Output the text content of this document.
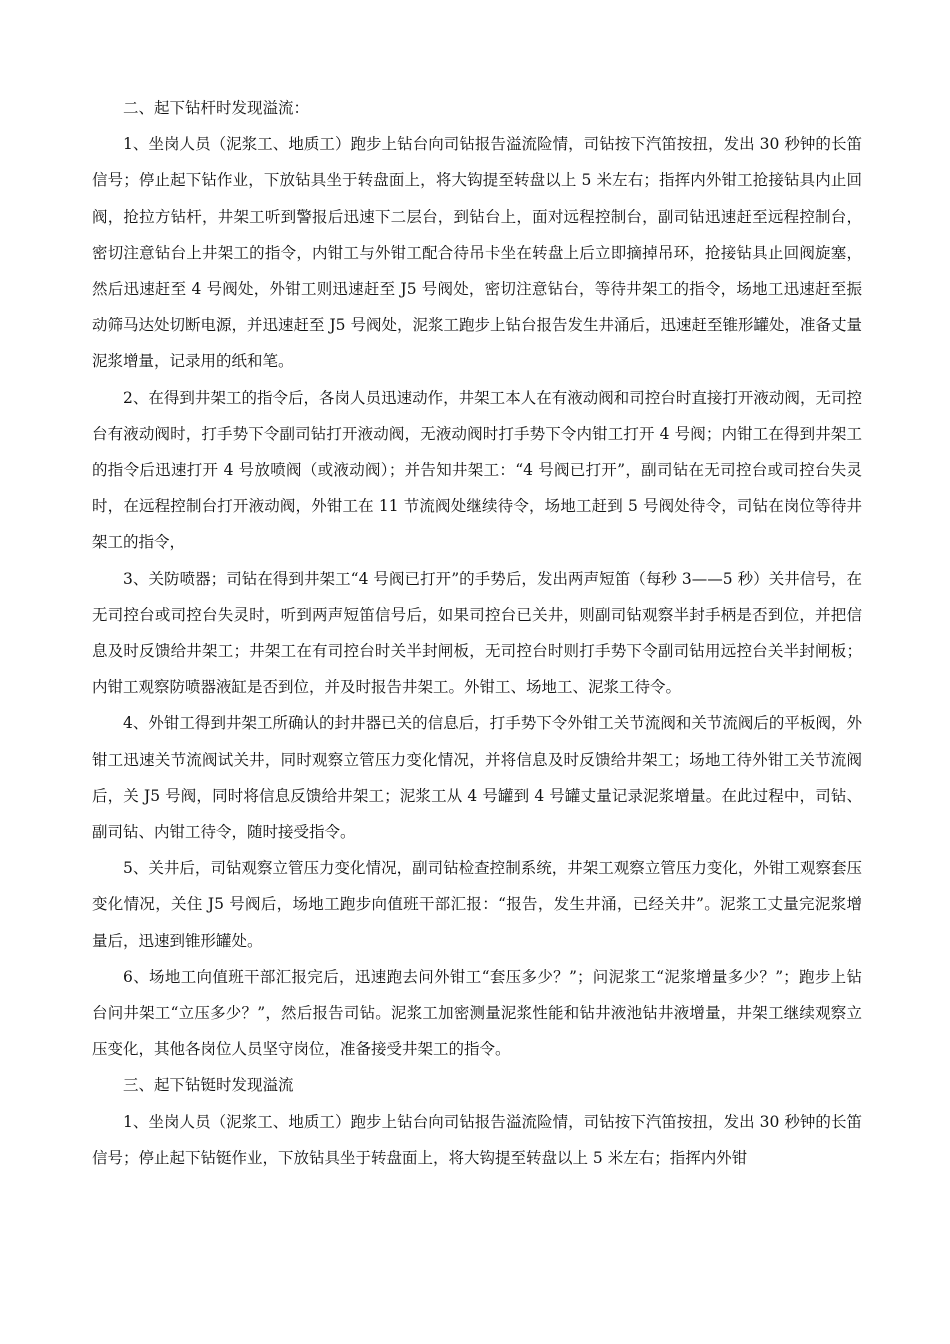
二、起下钻杆时发现溢流：

1、坐岗人员（泥浆工、地质工）跑步上钻台向司钻报告溢流险情，司钻按下汽笛按扭，发出 30 秒钟的长笛信号；停止起下钻作业，下放钻具坐于转盘面上，将大钩提至转盘以上 5 米左右；指挥内外钳工抢接钻具内止回阀，抢拉方钻杆，井架工听到警报后迅速下二层台，到钻台上，面对远程控制台，副司钻迅速赶至远程控制台，密切注意钻台上井架工的指令，内钳工与外钳工配合待吊卡坐在转盘上后立即摘掉吊环，抢接钻具止回阀旋塞，然后迅速赶至 4 号阀处，外钳工则迅速赶至 J5 号阀处，密切注意钻台，等待井架工的指令，场地工迅速赶至振动筛马达处切断电源，并迅速赶至 J5 号阀处，泥浆工跑步上钻台报告发生井涌后，迅速赶至锥形罐处，准备丈量泥浆增量，记录用的纸和笔。

2、在得到井架工的指令后，各岗人员迅速动作，井架工本人在有液动阀和司控台时直接打开液动阀，无司控台有液动阀时，打手势下令副司钻打开液动阀，无液动阀时打手势下令内钳工打开 4 号阀；内钳工在得到井架工的指令后迅速打开 4 号放喷阀（或液动阀）；并告知井架工：“4 号阀已打开”，副司钻在无司控台或司控台失灵时，在远程控制台打开液动阀，外钳工在 11 节流阀处继续待令，场地工赶到 5 号阀处待令，司钻在岗位等待井架工的指令，

3、关防喷器；司钻在得到井架工“4 号阀已打开”的手势后，发出两声短笛（每秒 3——5 秒）关井信号，在无司控台或司控台失灵时，听到两声短笛信号后，如果司控台已关井，则副司钻观察半封手柄是否到位，并把信息及时反馈给井架工；井架工在有司控台时关半封闸板，无司控台时则打手势下令副司钻用远控台关半封闸板；内钳工观察防喷器液缸是否到位，并及时报告井架工。外钳工、场地工、泥浆工待令。

4、外钳工得到井架工所确认的封井器已关的信息后，打手势下令外钳工关节流阀和关节流阀后的平板阀，外钳工迅速关节流阀试关井，同时观察立管压力变化情况，并将信息及时反馈给井架工；场地工待外钳工关节流阀后，关 J5 号阀，同时将信息反馈给井架工；泥浆工从 4 号罐到 4 号罐丈量记录泥浆增量。在此过程中，司钻、副司钻、内钳工待令，随时接受指令。

5、关井后，司钻观察立管压力变化情况，副司钻检查控制系统，井架工观察立管压力变化，外钳工观察套压变化情况，关住 J5 号阀后，场地工跑步向值班干部汇报：“报告，发生井涌，已经关井”。泥浆工丈量完泥浆增量后，迅速到锥形罐处。

6、场地工向值班干部汇报完后，迅速跑去问外钳工“套压多少？”；问泥浆工“泥浆增量多少？”；跑步上钻台问井架工“立压多少？”，然后报告司钻。泥浆工加密测量泥浆性能和钻井液池钻井液增量，井架工继续观察立压变化，其他各岗位人员坚守岗位，准备接受井架工的指令。

三、起下钻铤时发现溢流

1、坐岗人员（泥浆工、地质工）跑步上钻台向司钻报告溢流险情，司钻按下汽笛按扭，发出 30 秒钟的长笛信号；停止起下钻铤作业，下放钻具坐于转盘面上，将大钩提至转盘以上 5 米左右；指挥内外钳
